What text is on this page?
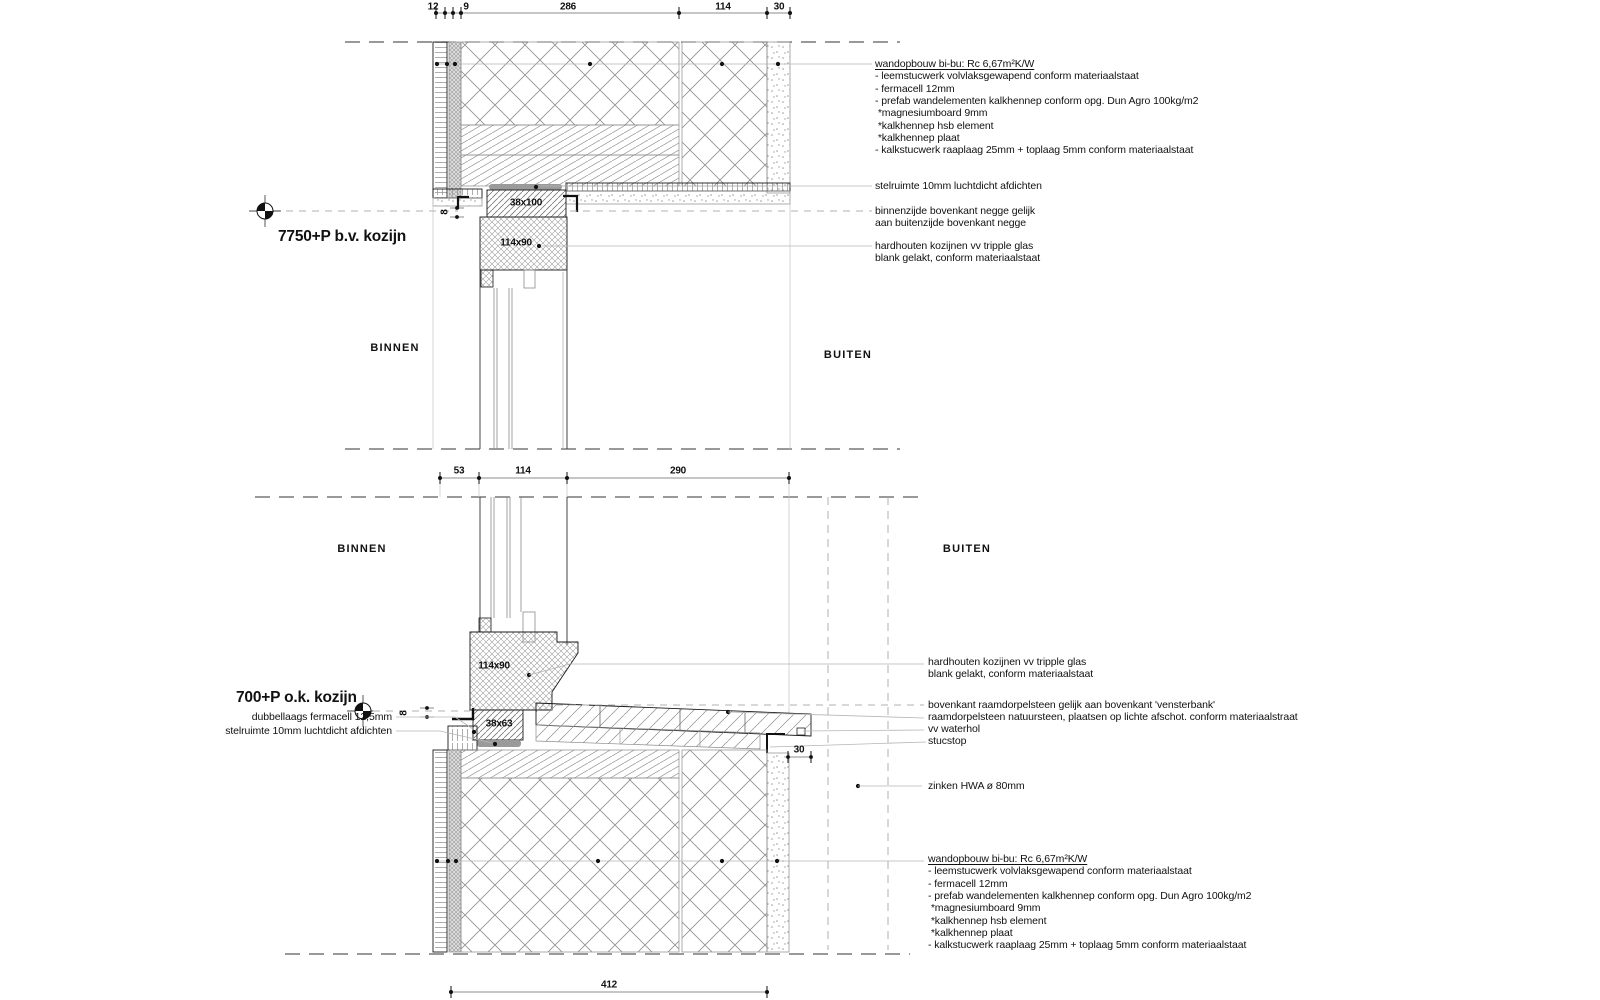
12 9	286	114	30
8
38x100
114x90
7750+P b.v. kozijn
BINNEN
BUITEN
wandopbouw bi-bu: Rc 6,67m²K/W
- leemstucwerk volvlaksgewapend conform materiaalstaat
- fermacell 12mm
- prefab wandelementen kalkhennep conform opg. Dun Agro 100kg/m2
*magnesiumboard 9mm
*kalkhennep hsb element
*kalkhennep plaat
- kalkstucwerk raaplaag 25mm + toplaag 5mm conform materiaalstaat
stelruimte 10mm luchtdicht afdichten
binnenzijde bovenkant negge gelijk
aan buitenzijde bovenkant negge
hardhouten kozijnen vv tripple glas
blank gelakt, conform materiaalstaat
53	114	290
30
412
8
114x90
38x63
700+P o.k. kozijn
BINNEN	BUITEN
dubbellaags fermacell 12,5mm
stelruimte 10mm luchtdicht afdichten
hardhouten kozijnen vv tripple glas
blank gelakt, conform materiaalstaat
bovenkant raamdorpelsteen gelijk aan bovenkant 'vensterbank'
raamdorpelsteen natuursteen, plaatsen op lichte afschot. conform materiaalstraat
vv waterhol
stucstop
zinken HWA ø 80mm
wandopbouw bi-bu: Rc 6,67m²K/W
- leemstucwerk volvlaksgewapend conform materiaalstaat
- fermacell 12mm
- prefab wandelementen kalkhennep conform opg. Dun Agro 100kg/m2
*magnesiumboard 9mm
*kalkhennep hsb element
*kalkhennep plaat
- kalkstucwerk raaplaag 25mm + toplaag 5mm conform materiaalstaat
